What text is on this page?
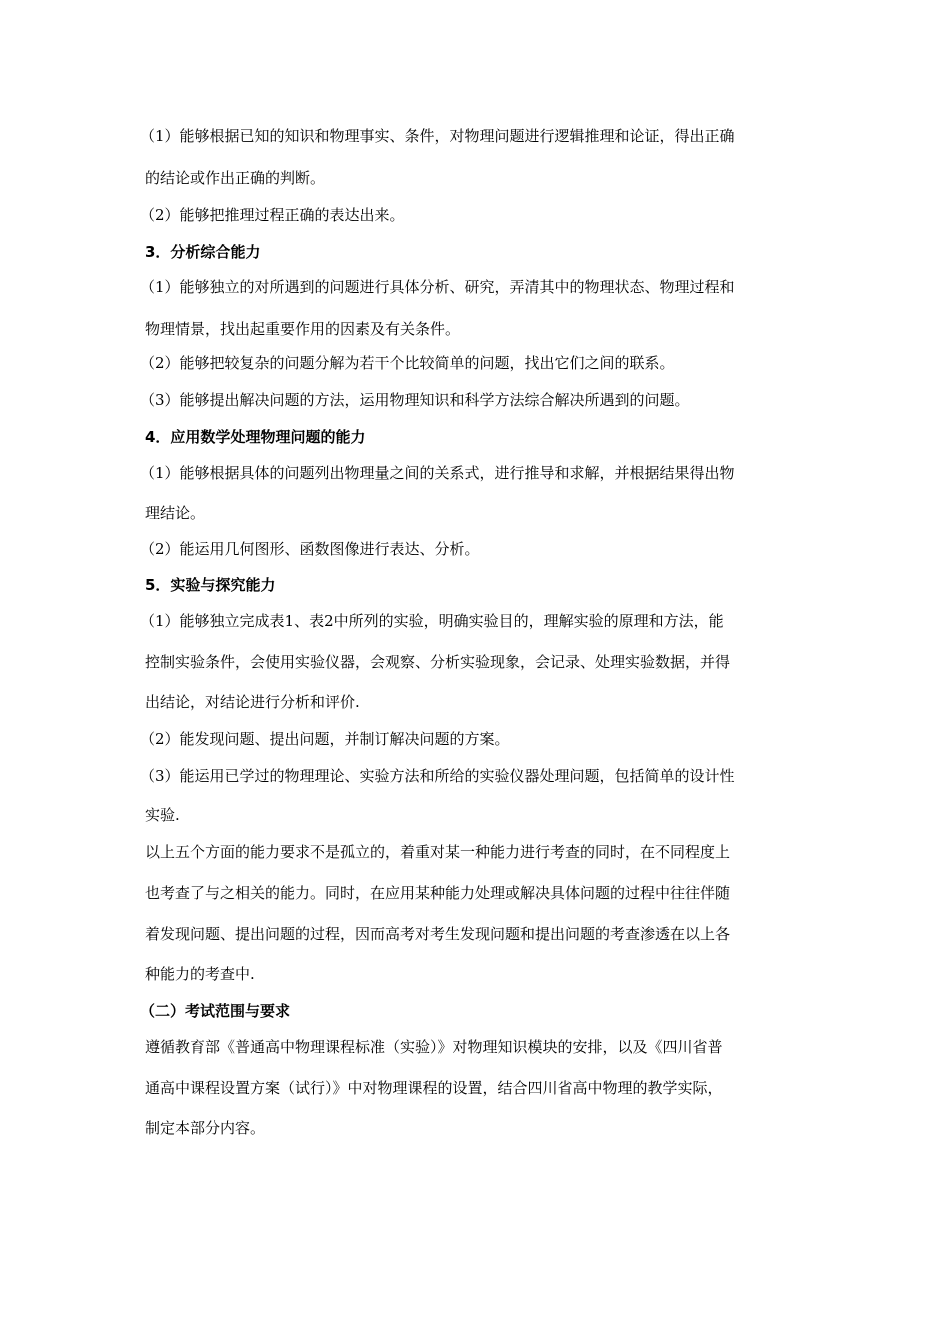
（1）能够根据已知的知识和物理事实、条件，对物理问题进行逻辑推理和论证，得出正确
的结论或作出正确的判断。
（2）能够把推理过程正确的表达出来。
3．分析综合能力
（1）能够独立的对所遇到的问题进行具体分析、研究，弄清其中的物理状态、物理过程和
物理情景，找出起重要作用的因素及有关条件。
（2）能够把较复杂的问题分解为若干个比较简单的问题，找出它们之间的联系。
（3）能够提出解决问题的方法，运用物理知识和科学方法综合解决所遇到的问题。
4．应用数学处理物理问题的能力
（1）能够根据具体的问题列出物理量之间的关系式，进行推导和求解，并根据结果得出物
理结论。
（2）能运用几何图形、函数图像进行表达、分析。
5．实验与探究能力
（1）能够独立完成表1、表2中所列的实验，明确实验目的，理解实验的原理和方法，能
控制实验条件，会使用实验仪器，会观察、分析实验现象，会记录、处理实验数据，并得
出结论，对结论进行分析和评价.
（2）能发现问题、提出问题，并制订解决问题的方案。
（3）能运用已学过的物理理论、实验方法和所给的实验仪器处理问题，包括简单的设计性
实验.
以上五个方面的能力要求不是孤立的，着重对某一种能力进行考查的同时，在不同程度上
也考查了与之相关的能力。同时，在应用某种能力处理或解决具体问题的过程中往往伴随
着发现问题、提出问题的过程，因而高考对考生发现问题和提出问题的考查渗透在以上各
种能力的考查中.
（二）考试范围与要求
遵循教育部《普通高中物理课程标准（实验）》对物理知识模块的安排，以及《四川省普
通高中课程设置方案（试行）》中对物理课程的设置，结合四川省高中物理的教学实际，
制定本部分内容。
